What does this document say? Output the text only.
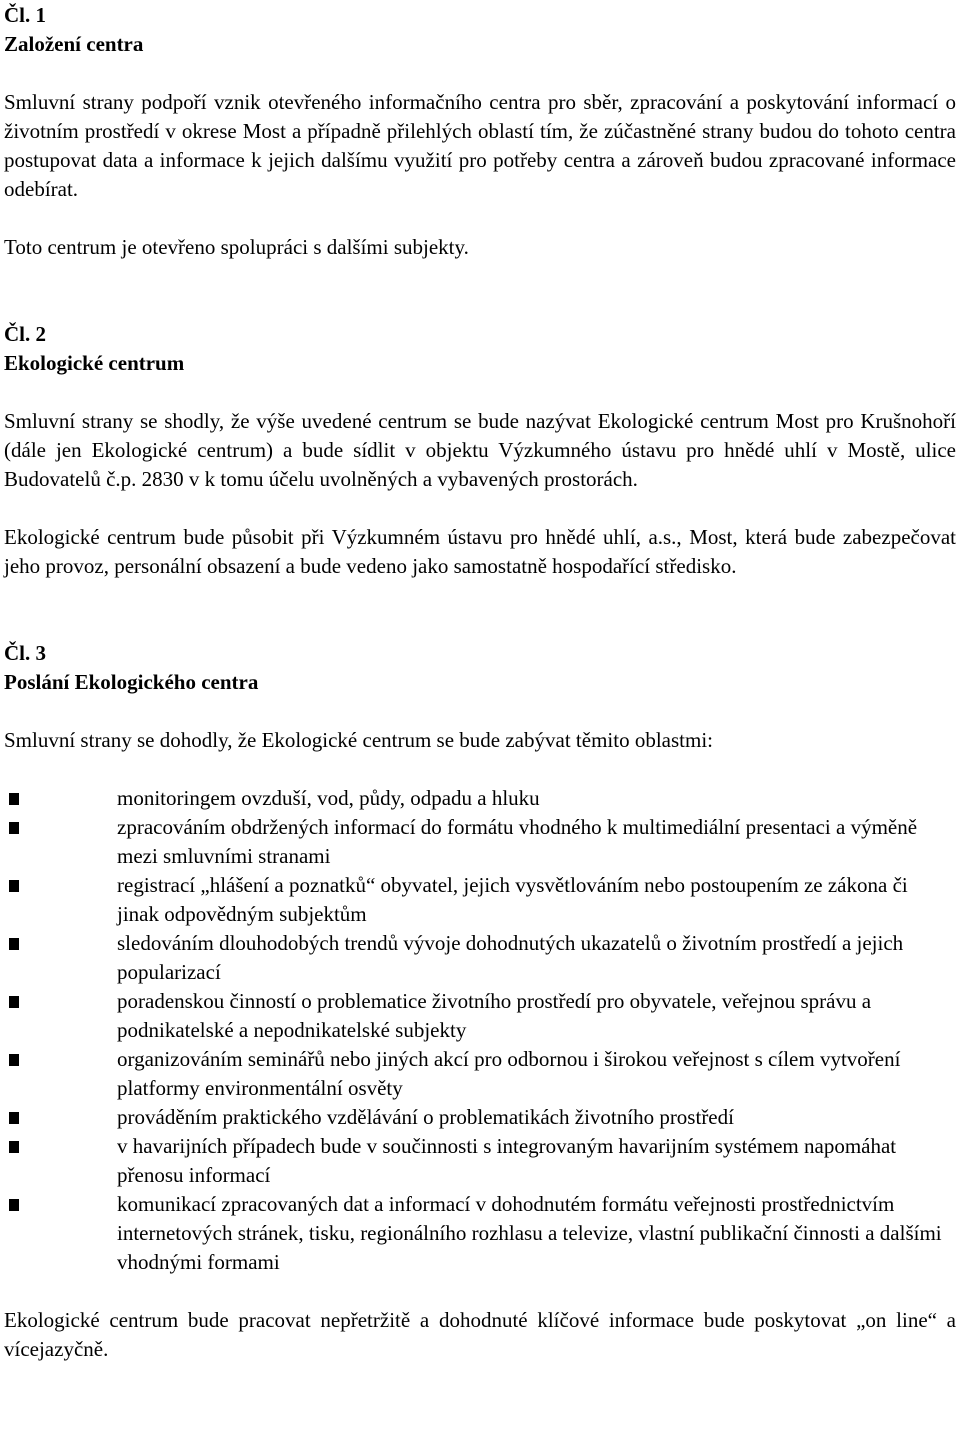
Čl. 1
Založení centra

Smluvní strany podpoří vznik otevřeného informačního centra pro sběr, zpracování a poskytování informací o životním prostředí v okrese Most a případně přilehlých oblastí tím, že zúčastněné strany budou do tohoto centra postupovat data a informace k jejich dalšímu využití pro potřeby centra a zároveň budou zpracované informace odebírat.

Toto centrum je otevřeno spolupráci s dalšími subjekty.

Čl. 2
Ekologické centrum

Smluvní strany se shodly, že výše uvedené centrum se bude nazývat Ekologické centrum Most pro Krušnohoří (dále jen Ekologické centrum) a bude sídlit v objektu Výzkumného ústavu pro hnědé uhlí v Mostě, ulice Budovatelů č.p. 2830 v k tomu účelu uvolněných a vybavených prostorách.

Ekologické centrum bude působit při Výzkumném ústavu pro hnědé uhlí, a.s., Most, která bude zabezpečovat jeho provoz, personální obsazení a bude vedeno jako samostatně hospodařící středisko.

Čl. 3
Poslání Ekologického centra

Smluvní strany se dohodly, že Ekologické centrum se bude zabývat těmito oblastmi:

monitoringem ovzduší, vod, půdy, odpadu a hluku
zpracováním obdržených informací do formátu vhodného k multimediální presentaci a výměně mezi smluvními stranami
registrací „hlášení a poznatků“ obyvatel, jejich vysvětlováním nebo postoupením ze zákona či jinak odpovědným subjektům
sledováním dlouhodobých trendů vývoje dohodnutých ukazatelů o životním prostředí a jejich popularizací
poradenskou činností o problematice životního prostředí pro obyvatele, veřejnou správu a podnikatelské a nepodnikatelské subjekty
organizováním seminářů nebo jiných akcí pro odbornou i širokou veřejnost s cílem vytvoření platformy environmentální osvěty
prováděním praktického vzdělávání o problematikách životního prostředí
v havarijních případech bude v součinnosti s integrovaným havarijním systémem napomáhat přenosu informací
komunikací zpracovaných dat a informací v dohodnutém formátu veřejnosti prostřednictvím internetových stránek, tisku, regionálního rozhlasu a televize, vlastní publikační činnosti a dalšími vhodnými formami

Ekologické centrum bude pracovat nepřetržitě a dohodnuté klíčové informace bude poskytovat „on line“ a vícejazyčně.
